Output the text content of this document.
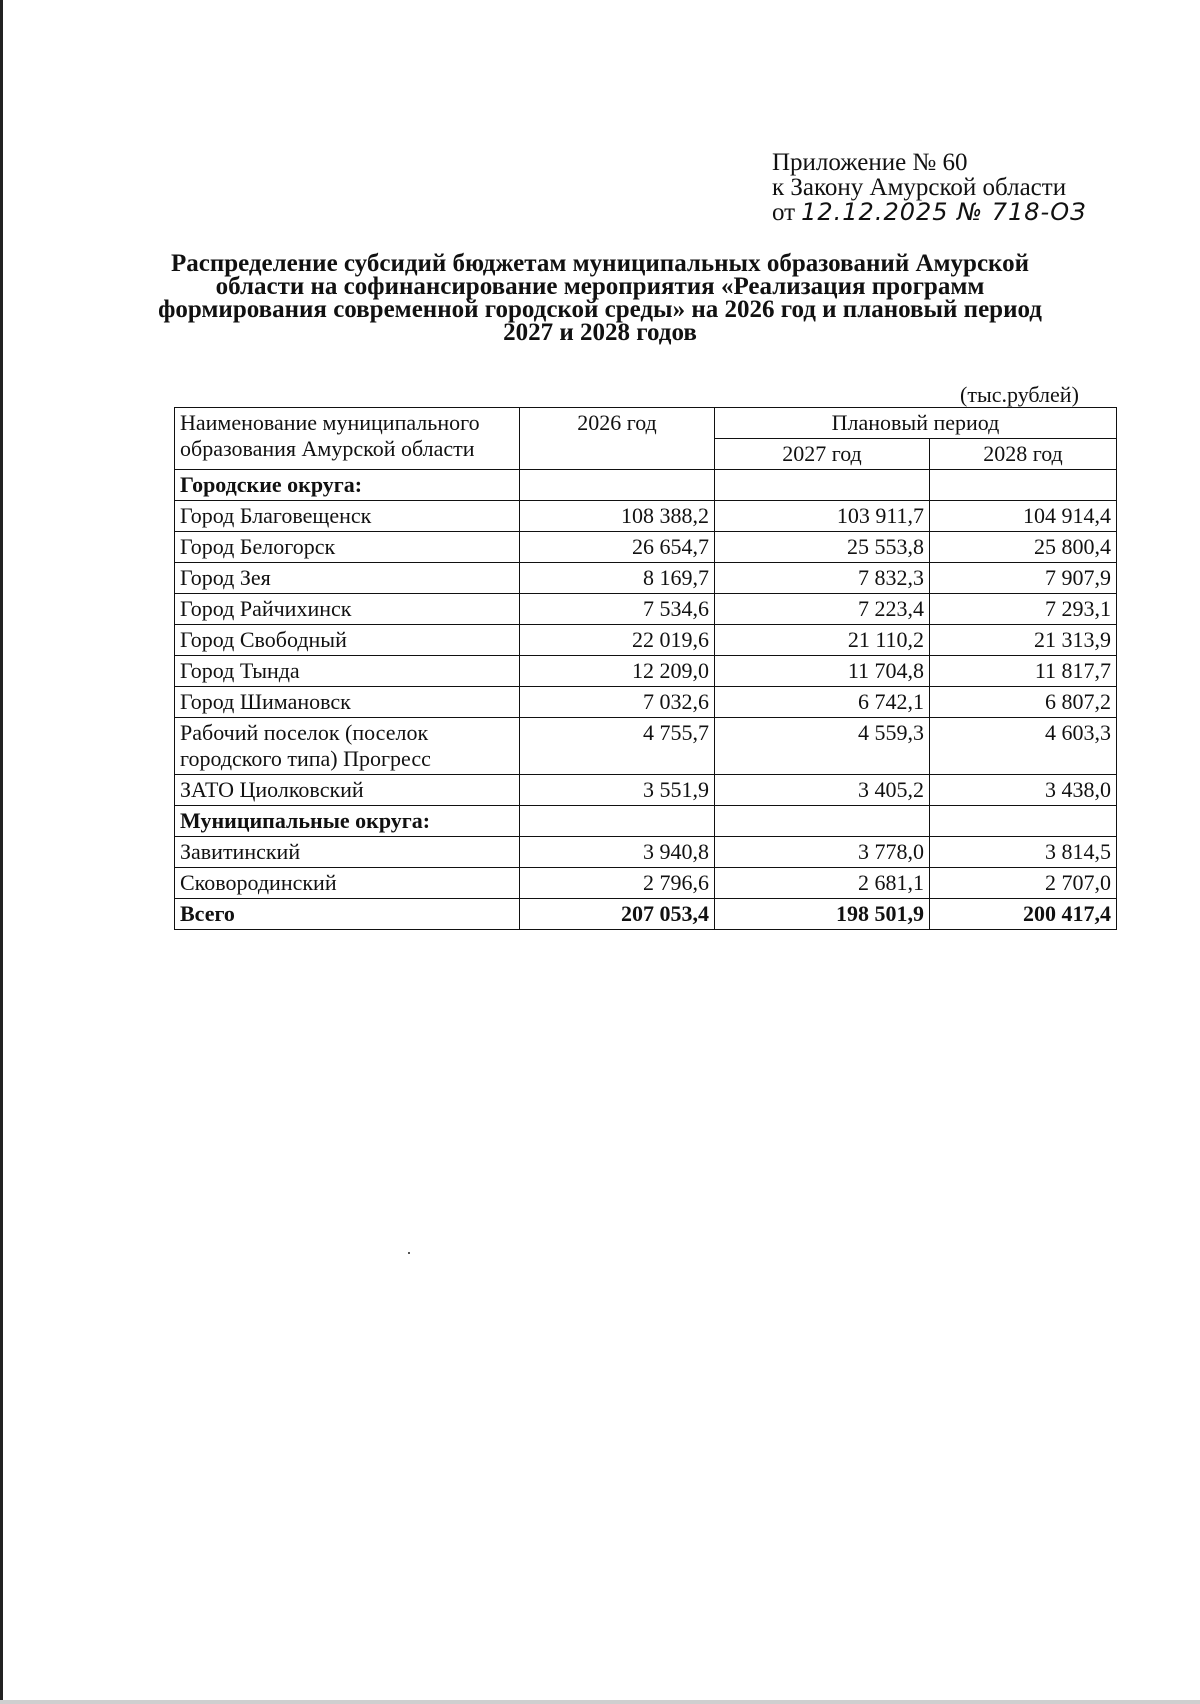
Приложение № 60
к Закону Амурской области
от 12.12.2025 № 718-ОЗ
Распределение субсидий бюджетам муниципальных образований Амурской области на софинансирование мероприятия «Реализация программ формирования современной городской среды» на 2026 год и плановый период 2027 и 2028 годов
(тыс.рублей)
Наименование муниципального образования Амурской области	2026 год	Плановый период	
		2027 год	2028 год
Городские округа:			
Город Благовещенск	108 388,2	103 911,7	104 914,4
Город Белогорск	26 654,7	25 553,8	25 800,4
Город Зея	8 169,7	7 832,3	7 907,9
Город Райчихинск	7 534,6	7 223,4	7 293,1
Город Свободный	22 019,6	21 110,2	21 313,9
Город Тында	12 209,0	11 704,8	11 817,7
Город Шимановск	7 032,6	6 742,1	6 807,2
Рабочий поселок (поселок городского типа) Прогресс	4 755,7	4 559,3	4 603,3
ЗАТО Циолковский	3 551,9	3 405,2	3 438,0
Муниципальные округа:			
Завитинский	3 940,8	3 778,0	3 814,5
Сковородинский	2 796,6	2 681,1	2 707,0
Всего	207 053,4	198 501,9	200 417,4
